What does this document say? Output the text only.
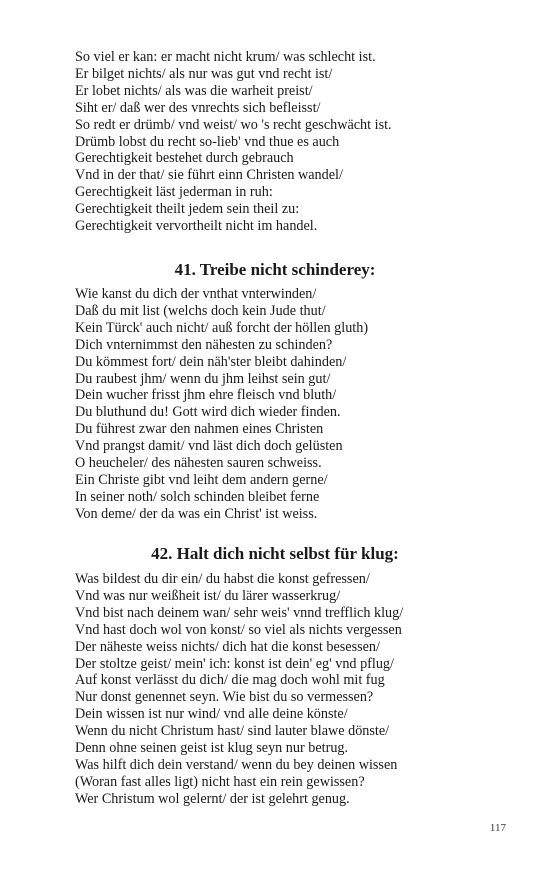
So viel er kan: er macht nicht krum/ was schlecht ist.
Er bilget nichts/ als nur was gut vnd recht ist/
Er lobet nichts/ als was die warheit preist/
Siht er/ daß wer des vnrechts sich befleisst/
So redt er drümb/ vnd weist/ wo 's recht geschwächt ist.
Drümb lobst du recht so-lieb' vnd thue es auch
Gerechtigkeit bestehet durch gebrauch
Vnd in der that/ sie führt einn Christen wandel/
Gerechtigkeit läst jederman in ruh:
Gerechtigkeit theilt jedem sein theil zu:
Gerechtigkeit vervortheilt nicht im handel.
41. Treibe nicht schinderey:
Wie kanst du dich der vnthat vnterwinden/
Daß du mit list (welchs doch kein Jude thut/
Kein Türck' auch nicht/ auß forcht der höllen gluth)
Dich vnternimmst den nähesten zu schinden?
Du kömmest fort/ dein näh'ster bleibt dahinden/
Du raubest jhm/ wenn du jhm leihst sein gut/
Dein wucher frisst jhm ehre fleisch vnd bluth/
Du bluthund du! Gott wird dich wieder finden.
Du führest zwar den nahmen eines Christen
Vnd prangst damit/ vnd läst dich doch gelüsten
O heucheler/ des nähesten sauren schweiss.
Ein Christe gibt vnd leiht dem andern gerne/
In seiner noth/ solch schinden bleibet ferne
Von deme/ der da was ein Christ' ist weiss.
42. Halt dich nicht selbst für klug:
Was bildest du dir ein/ du habst die konst gefressen/
Vnd was nur weißheit ist/ du lärer wasserkrug/
Vnd bist nach deinem wan/ sehr weis' vnnd trefflich klug/
Vnd hast doch wol von konst/ so viel als nichts vergessen
Der näheste weiss nichts/ dich hat die konst besessen/
Der stoltze geist/ mein' ich: konst ist dein' eg' vnd pflug/
Auf konst verlässt du dich/ die mag doch wohl mit fug
Nur donst genennet seyn. Wie bist du so vermessen?
Dein wissen ist nur wind/ vnd alle deine könste/
Wenn du nicht Christum hast/ sind lauter blawe dönste/
Denn ohne seinen geist ist klug seyn nur betrug.
Was hilft dich dein verstand/ wenn du bey deinen wissen
(Woran fast alles ligt) nicht hast ein rein gewissen?
Wer Christum wol gelernt/ der ist gelehrt genug.
117
